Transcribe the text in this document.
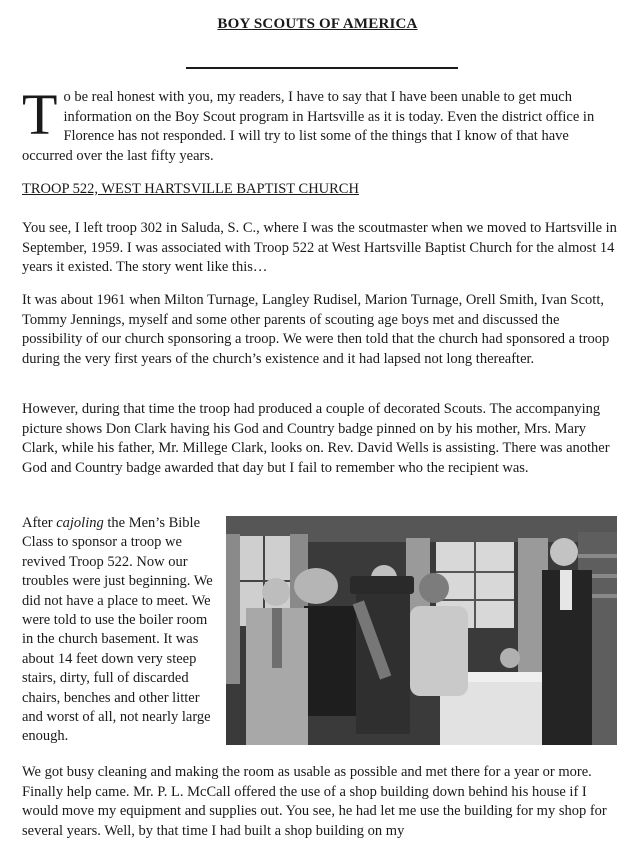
BOY SCOUTS OF AMERICA

To be real honest with you, my readers, I have to say that I have been unable to get much information on the Boy Scout program in Hartsville as it is today. Even the district office in Florence has not responded. I will try to list some of the things that I know of that have occurred over the last fifty years.

TROOP 522, WEST HARTSVILLE BAPTIST CHURCH

You see, I left troop 302 in Saluda, S. C., where I was the scoutmaster when we moved to Hartsville in September, 1959. I was associated with Troop 522 at West Hartsville Baptist Church for the almost 14 years it existed. The story went like this…

It was about 1961 when Milton Turnage, Langley Rudisel, Marion Turnage, Orell Smith, Ivan Scott, Tommy Jennings, myself and some other parents of scouting age boys met and discussed the possibility of our church sponsoring a troop. We were then told that the church had sponsored a troop during the very first years of the church’s existence and it had lapsed not long thereafter.

However, during that time the troop had produced a couple of decorated Scouts. The accompanying picture shows Don Clark having his God and Country badge pinned on by his mother, Mrs. Mary Clark, while his father, Mr. Millege Clark, looks on. Rev. David Wells is assisting. There was another God and Country badge awarded that day but I fail to remember who the recipient was.

After cajoling the Men’s Bible Class to sponsor a troop we revived Troop 522. Now our troubles were just beginning. We did not have a place to meet. We were told to use the boiler room in the church basement. It was about 14 feet down very steep stairs, dirty, full of discarded chairs, benches and other litter and worst of all, not nearly large enough.

We got busy cleaning and making the room as usable as possible and met there for a year or more. Finally help came. Mr. P. L. McCall offered the use of a shop building down behind his house if I would move my equipment and supplies out. You see, he had let me use the building for my shop for several years. Well, by that time I had built a shop building on my
